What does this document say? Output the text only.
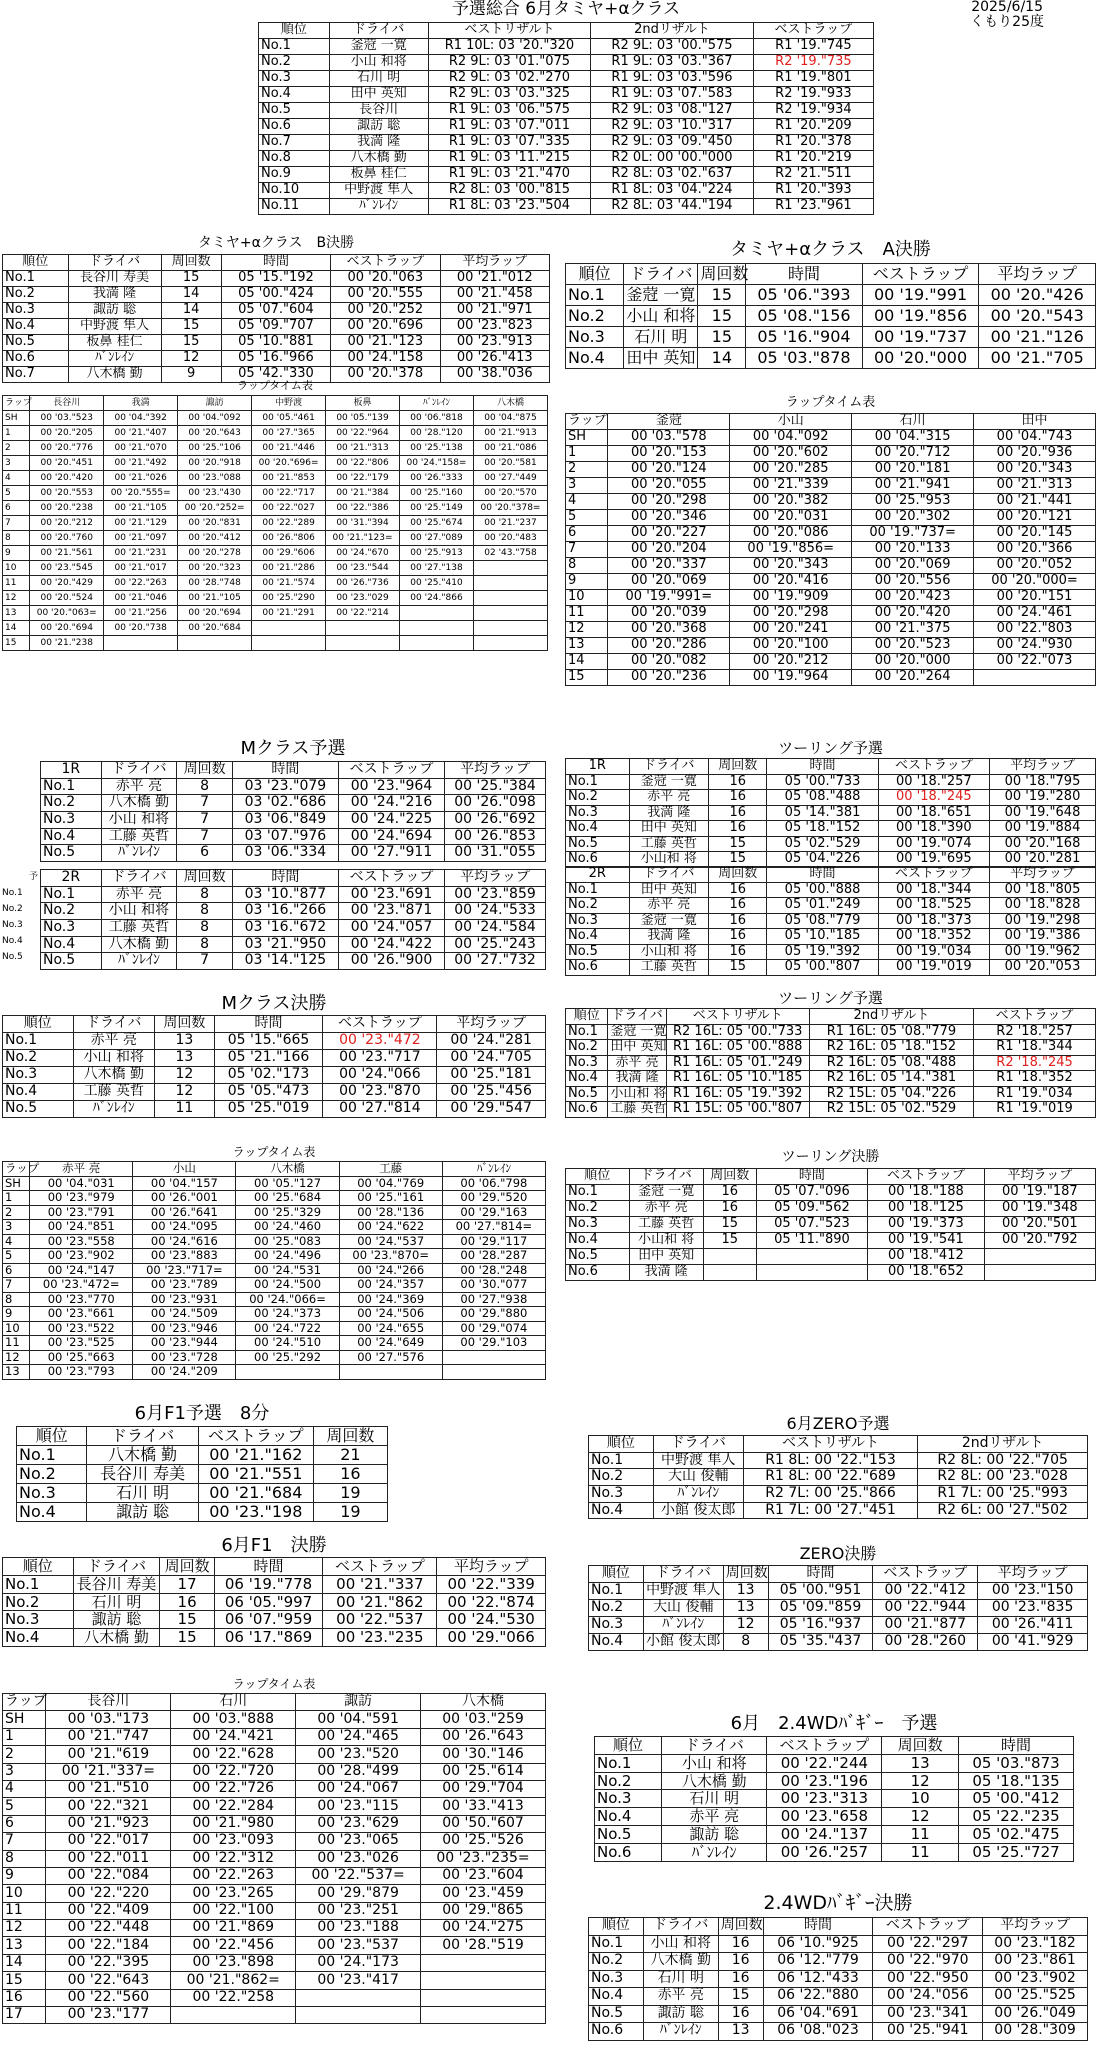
2025/6/15
くもり25度
予選総合 6月タミヤ+αクラス
順位	ドライバ	ベストリザルト	2ndリザルト	ベストラップ
No.1	釜蒄 一寛	R1 10L: 03 '20."320	R2 9L: 03 '00."575	R1 '19."745
No.2	小山 和将	R2 9L: 03 '01."075	R1 9L: 03 '03."367	R2 '19."735
No.3	石川 明	R2 9L: 03 '02."270	R1 9L: 03 '03."596	R1 '19."801
No.4	田中 英知	R2 9L: 03 '03."325	R1 9L: 03 '07."583	R2 '19."933
No.5	長谷川	R1 9L: 03 '06."575	R2 9L: 03 '08."127	R2 '19."934
No.6	諏訪 聡	R1 9L: 03 '07."011	R2 9L: 03 '10."317	R1 '20."209
No.7	我満 隆	R1 9L: 03 '07."335	R2 9L: 03 '09."450	R1 '20."378
No.8	八木橋 勤	R1 9L: 03 '11."215	R2 0L: 00 '00."000	R1 '20."219
No.9	板鼻 桂仁	R1 9L: 03 '21."470	R2 8L: 03 '02."637	R2 '21."511
No.10	中野渡 隼人	R2 8L: 03 '00."815	R1 8L: 03 '04."224	R1 '20."393
No.11	ﾊﾞﾝﾚｲﾝ	R1 8L: 03 '23."504	R2 8L: 03 '44."194	R1 '23."961
タミヤ+αクラス　B決勝
順位	ドライバ	周回数	時間	ベストラップ	平均ラップ
No.1	長谷川 寿美	15	05 '15."192	00 '20."063	00 '21."012
No.2	我満 隆	14	05 '00."424	00 '20."555	00 '21."458
No.3	諏訪 聡	14	05 '07."604	00 '20."252	00 '21."971
No.4	中野渡 隼人	15	05 '09."707	00 '20."696	00 '23."823
No.5	板鼻 桂仁	15	05 '10."881	00 '21."123	00 '23."913
No.6	ﾊﾞﾝﾚｲﾝ	12	05 '16."966	00 '24."158	00 '26."413
No.7	八木橋 勤	9	05 '42."330	00 '20."378	00 '38."036
タミヤ+αクラス　A決勝
順位	ドライバ	周回数	時間	ベストラップ	平均ラップ
No.1	釜蒄 一寛	15	05 '06."393	00 '19."991	00 '20."426
No.2	小山 和将	15	05 '08."156	00 '19."856	00 '20."543
No.3	石川 明	15	05 '16."904	00 '19."737	00 '21."126
No.4	田中 英知	14	05 '03."878	00 '20."000	00 '21."705
ラップタイム表
ラップ	長谷川	我満	諏訪	中野渡	板鼻	ﾊﾞﾝﾚｲﾝ	八木橋
SH	00 '03."523	00 '04."392	00 '04."092	00 '05."461	00 '05."139	00 '06."818	00 '04."875
1	00 '20."205	00 '21."407	00 '20."643	00 '27."365	00 '22."964	00 '28."120	00 '21."913
2	00 '20."776	00 '21."070	00 '25."106	00 '21."446	00 '21."313	00 '25."138	00 '21."086
3	00 '20."451	00 '21."492	00 '20."918	00 '20."696=	00 '22."806	00 '24."158=	00 '20."581
4	00 '20."420	00 '21."026	00 '23."088	00 '21."853	00 '22."179	00 '26."333	00 '27."449
5	00 '20."553	00 '20."555=	00 '23."430	00 '22."717	00 '21."384	00 '25."160	00 '20."570
6	00 '20."238	00 '21."105	00 '20."252=	00 '22."027	00 '22."386	00 '25."149	00 '20."378=
7	00 '20."212	00 '21."129	00 '20."831	00 '22."289	00 '31."394	00 '25."674	00 '21."237
8	00 '20."760	00 '21."097	00 '20."412	00 '26."806	00 '21."123=	00 '27."089	00 '20."483
9	00 '21."561	00 '21."231	00 '20."278	00 '29."606	00 '24."670	00 '25."913	02 '43."758
10	00 '23."545	00 '21."017	00 '20."323	00 '21."286	00 '23."544	00 '27."138	
11	00 '20."429	00 '22."263	00 '28."748	00 '21."574	00 '26."736	00 '25."410	
12	00 '20."524	00 '21."046	00 '21."105	00 '25."290	00 '23."029	00 '24."866	
13	00 '20."063=	00 '21."256	00 '20."694	00 '21."291	00 '22."214		
14	00 '20."694	00 '20."738	00 '20."684				
15	00 '21."238						
ラップタイム表
ラップ	釜蒄	小山	石川	田中
SH	00 '03."578	00 '04."092	00 '04."315	00 '04."743
1	00 '20."153	00 '20."602	00 '20."712	00 '20."936
2	00 '20."124	00 '20."285	00 '20."181	00 '20."343
3	00 '20."055	00 '21."339	00 '21."941	00 '21."313
4	00 '20."298	00 '20."382	00 '25."953	00 '21."441
5	00 '20."346	00 '20."031	00 '20."302	00 '20."121
6	00 '20."227	00 '20."086	00 '19."737=	00 '20."145
7	00 '20."204	00 '19."856=	00 '20."133	00 '20."366
8	00 '20."337	00 '20."343	00 '20."069	00 '20."052
9	00 '20."069	00 '20."416	00 '20."556	00 '20."000=
10	00 '19."991=	00 '19."909	00 '20."423	00 '20."151
11	00 '20."039	00 '20."298	00 '20."420	00 '24."461
12	00 '20."368	00 '20."241	00 '21."375	00 '22."803
13	00 '20."286	00 '20."100	00 '20."523	00 '24."930
14	00 '20."082	00 '20."212	00 '20."000	00 '22."073
15	00 '20."236	00 '19."964	00 '20."264	
Mクラス予選
1R	ドライバ	周回数	時間	ベストラップ	平均ラップ
No.1	赤平 亮	8	03 '23."079	00 '23."964	00 '25."384
No.2	八木橋 勤	7	03 '02."686	00 '24."216	00 '26."098
No.3	小山 和将	7	03 '06."849	00 '24."225	00 '26."692
No.4	工藤 英哲	7	03 '07."976	00 '24."694	00 '26."853
No.5	ﾊﾞﾝﾚｲﾝ	6	03 '06."334	00 '27."911	00 '31."055
予
No.1
No.2
No.3
No.4
No.5
2R	ドライバ	周回数	時間	ベストラップ	平均ラップ
No.1	赤平 亮	8	03 '10."877	00 '23."691	00 '23."859
No.2	小山 和将	8	03 '16."266	00 '23."871	00 '24."533
No.3	工藤 英哲	8	03 '16."672	00 '24."057	00 '24."584
No.4	八木橋 勤	8	03 '21."950	00 '24."422	00 '25."243
No.5	ﾊﾞﾝﾚｲﾝ	7	03 '14."125	00 '26."900	00 '27."732
ツーリング予選
1R	ドライバ	周回数	時間	ベストラップ	平均ラップ
No.1	釜蒄 一寛	16	05 '00."733	00 '18."257	00 '18."795
No.2	赤平 亮	16	05 '08."488	00 '18."245	00 '19."280
No.3	我満 隆	16	05 '14."381	00 '18."651	00 '19."648
No.4	田中 英知	16	05 '18."152	00 '18."390	00 '19."884
No.5	工藤 英哲	15	05 '02."529	00 '19."074	00 '20."168
No.6	小山和 将	15	05 '04."226	00 '19."695	00 '20."281
2R	ドライバ	周回数	時間	ベストラップ	平均ラップ
No.1	田中 英知	16	05 '00."888	00 '18."344	00 '18."805
No.2	赤平 亮	16	05 '01."249	00 '18."525	00 '18."828
No.3	釜蒄 一寛	16	05 '08."779	00 '18."373	00 '19."298
No.4	我満 隆	16	05 '10."185	00 '18."352	00 '19."386
No.5	小山和 将	16	05 '19."392	00 '19."034	00 '19."962
No.6	工藤 英哲	15	05 '00."807	00 '19."019	00 '20."053
Mクラス決勝
順位	ドライバ	周回数	時間	ベストラップ	平均ラップ
No.1	赤平 亮	13	05 '15."665	00 '23."472	00 '24."281
No.2	小山 和将	13	05 '21."166	00 '23."717	00 '24."705
No.3	八木橋 勤	12	05 '02."173	00 '24."066	00 '25."181
No.4	工藤 英哲	12	05 '05."473	00 '23."870	00 '25."456
No.5	ﾊﾞﾝﾚｲﾝ	11	05 '25."019	00 '27."814	00 '29."547
ツーリング予選
順位	ドライバ	ベストリザルト	2ndリザルト	ベストラップ
No.1	釜蒄 一寛	R2 16L: 05 '00."733	R1 16L: 05 '08."779	R2 '18."257
No.2	田中 英知	R1 16L: 05 '00."888	R2 16L: 05 '18."152	R1 '18."344
No.3	赤平 亮	R1 16L: 05 '01."249	R2 16L: 05 '08."488	R2 '18."245
No.4	我満 隆	R1 16L: 05 '10."185	R2 16L: 05 '14."381	R1 '18."352
No.5	小山和 将	R1 16L: 05 '19."392	R2 15L: 05 '04."226	R1 '19."034
No.6	工藤 英哲	R1 15L: 05 '00."807	R2 15L: 05 '02."529	R1 '19."019
ラップタイム表
ラップ	赤平 亮	小山	八木橋	工藤	ﾊﾞﾝﾚｲﾝ
SH	00 '04."031	00 '04."157	00 '05."127	00 '04."769	00 '06."798
1	00 '23."979	00 '26."001	00 '25."684	00 '25."161	00 '29."520
2	00 '23."791	00 '26."641	00 '25."329	00 '28."136	00 '29."163
3	00 '24."851	00 '24."095	00 '24."460	00 '24."622	00 '27."814=
4	00 '23."558	00 '24."616	00 '25."083	00 '24."537	00 '29."117
5	00 '23."902	00 '23."883	00 '24."496	00 '23."870=	00 '28."287
6	00 '24."147	00 '23."717=	00 '24."531	00 '24."266	00 '28."248
7	00 '23."472=	00 '23."789	00 '24."500	00 '24."357	00 '30."077
8	00 '23."770	00 '23."931	00 '24."066=	00 '24."369	00 '27."938
9	00 '23."661	00 '24."509	00 '24."373	00 '24."506	00 '29."880
10	00 '23."522	00 '23."946	00 '24."722	00 '24."655	00 '29."074
11	00 '23."525	00 '23."944	00 '24."510	00 '24."649	00 '29."103
12	00 '25."663	00 '23."728	00 '25."292	00 '27."576	
13	00 '23."793	00 '24."209			
ツーリング決勝
順位	ドライバ	周回数	時間	ベストラップ	平均ラップ
No.1	釜蒄 一寛	16	05 '07."096	00 '18."188	00 '19."187
No.2	赤平 亮	16	05 '09."562	00 '18."125	00 '19."348
No.3	工藤 英哲	15	05 '07."523	00 '19."373	00 '20."501
No.4	小山和 将	15	05 '11."890	00 '19."541	00 '20."792
No.5	田中 英知			00 '18."412	
No.6	我満 隆			00 '18."652	
6月F1予選　8分
順位	ドライバ	ベストラップ	周回数
No.1	八木橋 勤	00 '21."162	21
No.2	長谷川 寿美	00 '21."551	16
No.3	石川 明	00 '21."684	19
No.4	諏訪 聡	00 '23."198	19
6月ZERO予選
順位	ドライバ	ベストリザルト	2ndリザルト
No.1	中野渡 隼人	R1 8L: 00 '22."153	R2 8L: 00 '22."705
No.2	大山 俊輔	R1 8L: 00 '22."689	R2 8L: 00 '23."028
No.3	ﾊﾞﾝﾚｲﾝ	R2 7L: 00 '25."866	R1 7L: 00 '25."993
No.4	小館 俊太郎	R1 7L: 00 '27."451	R2 6L: 00 '27."502
6月F1　決勝
順位	ドライバ	周回数	時間	ベストラップ	平均ラップ
No.1	長谷川 寿美	17	06 '19."778	00 '21."337	00 '22."339
No.2	石川 明	16	06 '05."997	00 '21."862	00 '22."874
No.3	諏訪 聡	15	06 '07."959	00 '22."537	00 '24."530
No.4	八木橋 勤	15	06 '17."869	00 '23."235	00 '29."066
ZERO決勝
順位	ドライバ	周回数	時間	ベストラップ	平均ラップ
No.1	中野渡 隼人	13	05 '00."951	00 '22."412	00 '23."150
No.2	大山 俊輔	13	05 '09."859	00 '22."944	00 '23."835
No.3	ﾊﾞﾝﾚｲﾝ	12	05 '16."937	00 '21."877	00 '26."411
No.4	小館 俊太郎	8	05 '35."437	00 '28."260	00 '41."929
ラップタイム表
ラップ	長谷川	石川	諏訪	八木橋
SH	00 '03."173	00 '03."888	00 '04."591	00 '03."259
1	00 '21."747	00 '24."421	00 '24."465	00 '26."643
2	00 '21."619	00 '22."628	00 '23."520	00 '30."146
3	00 '21."337=	00 '22."720	00 '28."499	00 '25."614
4	00 '21."510	00 '22."726	00 '24."067	00 '29."704
5	00 '22."321	00 '22."284	00 '23."115	00 '33."413
6	00 '21."923	00 '21."980	00 '23."629	00 '50."607
7	00 '22."017	00 '23."093	00 '23."065	00 '25."526
8	00 '22."011	00 '22."312	00 '23."026	00 '23."235=
9	00 '22."084	00 '22."263	00 '22."537=	00 '23."604
10	00 '22."220	00 '23."265	00 '29."879	00 '23."459
11	00 '22."409	00 '22."100	00 '23."251	00 '29."865
12	00 '22."448	00 '21."869	00 '23."188	00 '24."275
13	00 '22."184	00 '22."456	00 '23."537	00 '28."519
14	00 '22."395	00 '23."898	00 '24."173	
15	00 '22."643	00 '21."862=	00 '23."417	
16	00 '22."560	00 '22."258		
17	00 '23."177			
6月　2.4WDﾊﾞｷﾞｰ　予選
順位	ドライバ	ベストラップ	周回数	時間
No.1	小山 和将	00 '22."244	13	05 '03."873
No.2	八木橋 勤	00 '23."196	12	05 '18."135
No.3	石川 明	00 '23."313	10	05 '00."412
No.4	赤平 亮	00 '23."658	12	05 '22."235
No.5	諏訪 聡	00 '24."137	11	05 '02."475
No.6	ﾊﾞﾝﾚｲﾝ	00 '26."257	11	05 '25."727
2.4WDﾊﾞｷﾞｰ決勝
順位	ドライバ	周回数	時間	ベストラップ	平均ラップ
No.1	小山 和将	16	06 '10."925	00 '22."297	00 '23."182
No.2	八木橋 勤	16	06 '12."779	00 '22."970	00 '23."861
No.3	石川 明	16	06 '12."433	00 '22."950	00 '23."902
No.4	赤平 亮	15	06 '22."880	00 '24."056	00 '25."525
No.5	諏訪 聡	16	06 '04."691	00 '23."341	00 '26."049
No.6	ﾊﾞﾝﾚｲﾝ	13	06 '08."023	00 '25."941	00 '28."309
